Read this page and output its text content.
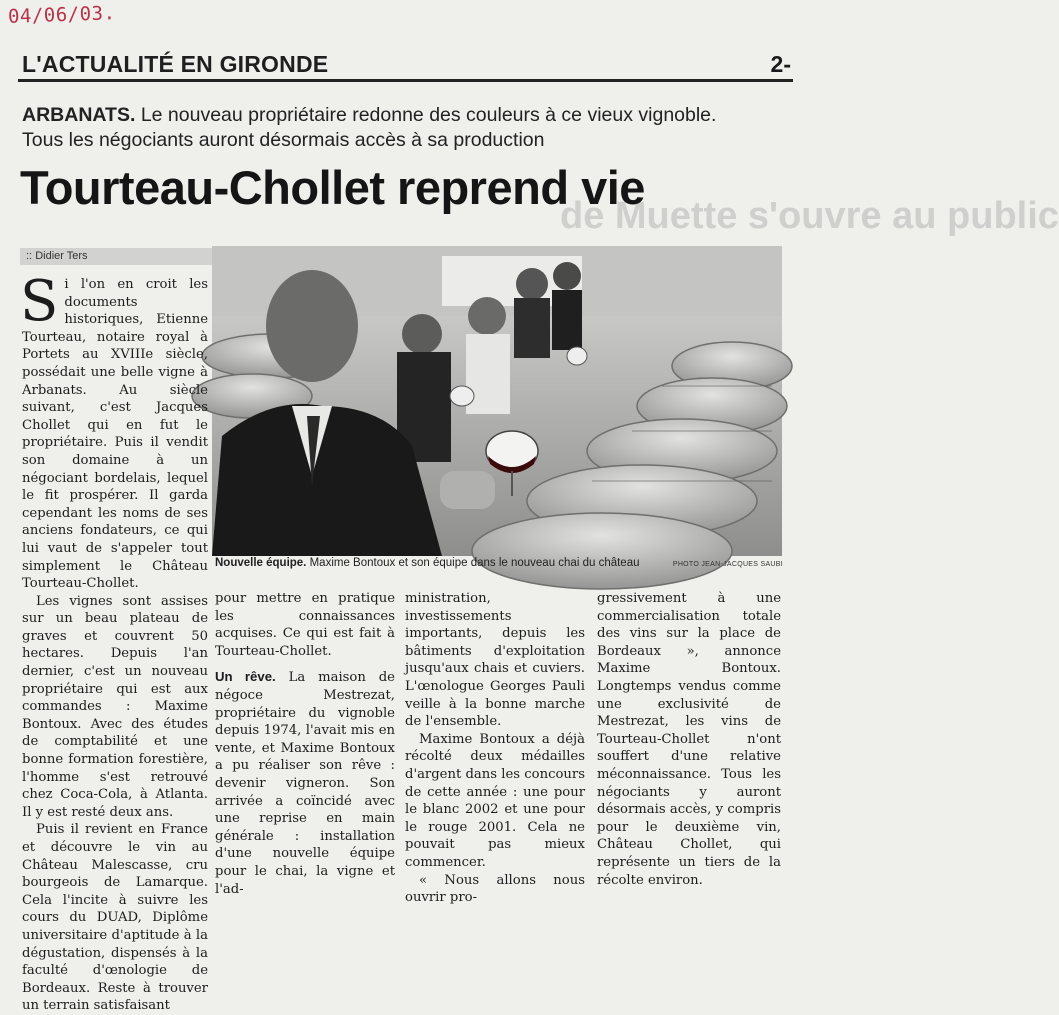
04/06/03.
L'ACTUALITÉ EN GIRONDE	2-
ARBANATS. Le nouveau propriétaire redonne des couleurs à ce vieux vignoble.
Tous les négociants auront désormais accès à sa production
de Muette s'ouvre au public
Tourteau-Chollet reprend vie
:: Didier Ters
Nouvelle équipe. Maxime Bontoux et son équipe dans le nouveau chai du château	PHOTO JEAN-JACQUES SAUBI

Si l'on en croit les documents historiques, Etienne Tourteau, notaire royal à Portets au XVIIIe siècle, possédait une belle vigne à Arbanats. Au siècle suivant, c'est Jacques Chollet qui en fut le propriétaire. Puis il vendit son domaine à un négociant bordelais, lequel le fit prospérer. Il garda cependant les noms de ses anciens fondateurs, ce qui lui vaut de s'appeler tout simplement le Château Tourteau-Chollet.

Les vignes sont assises sur un beau plateau de graves et couvrent 50 hectares. Depuis l'an dernier, c'est un nouveau propriétaire qui est aux commandes : Maxime Bontoux. Avec des études de comptabilité et une bonne formation forestière, l'homme s'est retrouvé chez Coca-Cola, à Atlanta. Il y est resté deux ans.

Puis il revient en France et découvre le vin au Château Malescasse, cru bourgeois de Lamarque. Cela l'incite à suivre les cours du DUAD, Diplôme universitaire d'aptitude à la dégustation, dispensés à la faculté d'œnologie de Bordeaux. Reste à trouver un terrain satisfaisant

pour mettre en pratique les connaissances acquises. Ce qui est fait à Tourteau-Chollet.

Un rêve. La maison de négoce Mestrezat, propriétaire du vignoble depuis 1974, l'avait mis en vente, et Maxime Bontoux a pu réaliser son rêve : devenir vigneron. Son arrivée a coïncidé avec une reprise en main générale : installation d'une nouvelle équipe pour le chai, la vigne et l'ad-

ministration, investissements importants, depuis les bâtiments d'exploitation jusqu'aux chais et cuviers. L'œnologue Georges Pauli veille à la bonne marche de l'ensemble.

Maxime Bontoux a déjà récolté deux médailles d'argent dans les concours de cette année : une pour le blanc 2002 et une pour le rouge 2001. Cela ne pouvait pas mieux commencer.

« Nous allons nous ouvrir pro-

gressivement à une commercialisation totale des vins sur la place de Bordeaux », annonce Maxime Bontoux. Longtemps vendus comme une exclusivité de Mestrezat, les vins de Tourteau-Chollet n'ont souffert d'une relative méconnaissance. Tous les négociants y auront désormais accès, y compris pour le deuxième vin, Château Chollet, qui représente un tiers de la récolte environ.
